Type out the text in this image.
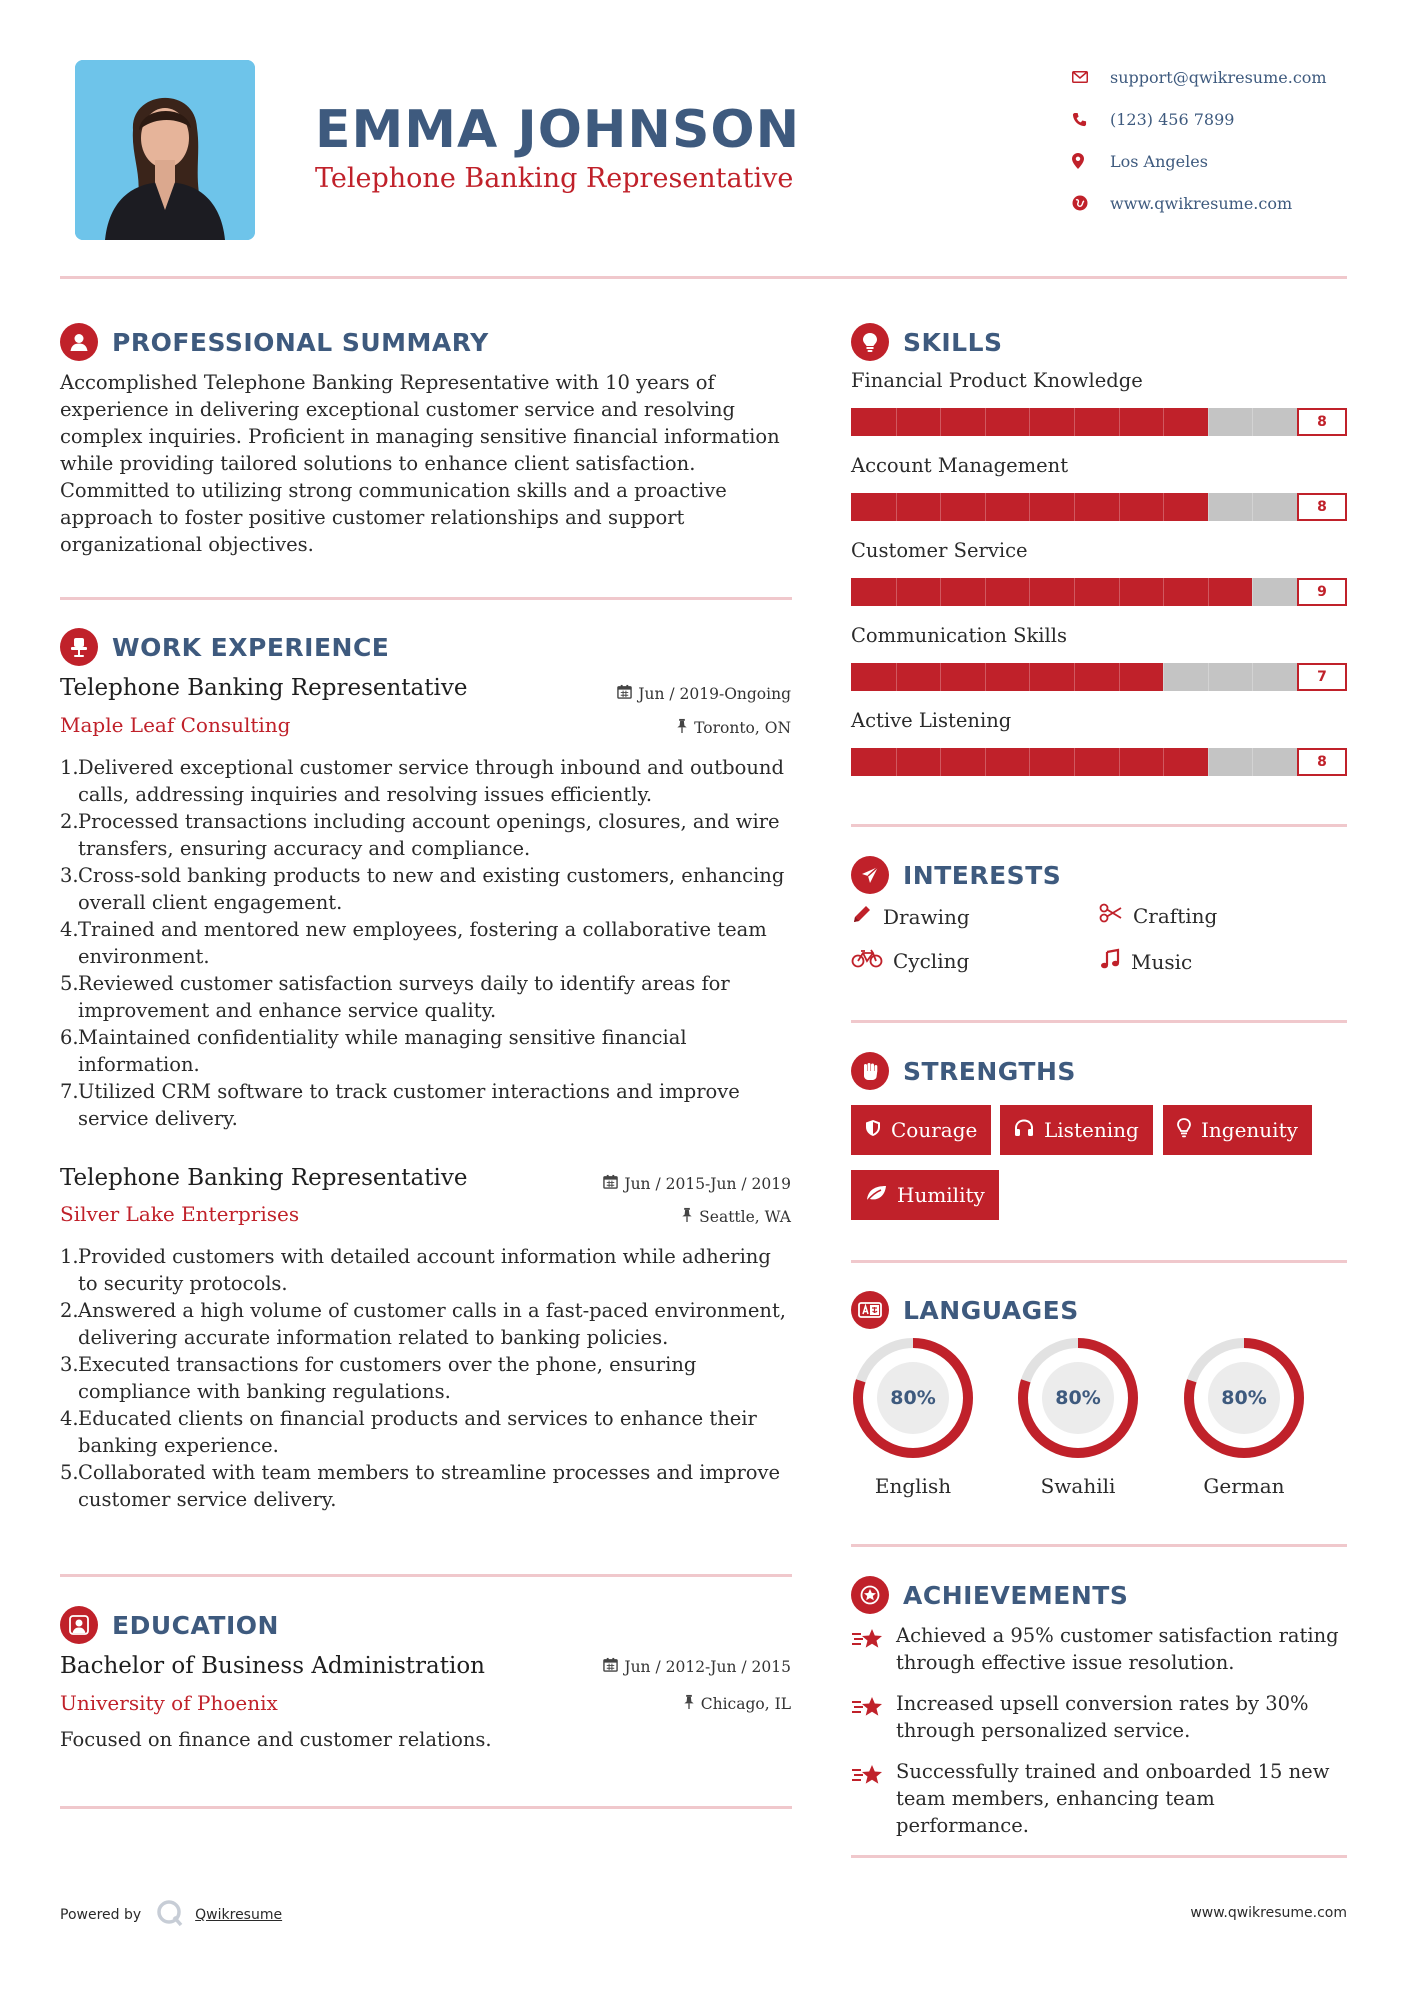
EMMA JOHNSON
Telephone Banking Representative
support@qwikresume.com
(123) 456 7899
Los Angeles
www.qwikresume.com
PROFESSIONAL SUMMARY
Accomplished Telephone Banking Representative with 10 years of experience in delivering exceptional customer service and resolving complex inquiries. Proficient in managing sensitive financial information while providing tailored solutions to enhance client satisfaction. Committed to utilizing strong communication skills and a proactive approach to foster positive customer relationships and support organizational objectives.
WORK EXPERIENCE
Telephone Banking Representative	Jun / 2019-Ongoing
Maple Leaf Consulting	Toronto, ON
1. Delivered exceptional customer service through inbound and outbound calls, addressing inquiries and resolving issues efficiently.
2. Processed transactions including account openings, closures, and wire transfers, ensuring accuracy and compliance.
3. Cross-sold banking products to new and existing customers, enhancing overall client engagement.
4. Trained and mentored new employees, fostering a collaborative team environment.
5. Reviewed customer satisfaction surveys daily to identify areas for improvement and enhance service quality.
6. Maintained confidentiality while managing sensitive financial information.
7. Utilized CRM software to track customer interactions and improve service delivery.
Telephone Banking Representative	Jun / 2015-Jun / 2019
Silver Lake Enterprises	Seattle, WA
1. Provided customers with detailed account information while adhering to security protocols.
2. Answered a high volume of customer calls in a fast-paced environment, delivering accurate information related to banking policies.
3. Executed transactions for customers over the phone, ensuring compliance with banking regulations.
4. Educated clients on financial products and services to enhance their banking experience.
5. Collaborated with team members to streamline processes and improve customer service delivery.
EDUCATION
Bachelor of Business Administration	Jun / 2012-Jun / 2015
University of Phoenix	Chicago, IL
Focused on finance and customer relations.
SKILLS
Financial Product Knowledge
8
Account Management
8
Customer Service
9
Communication Skills
7
Active Listening
8
INTERESTS
Drawing	Crafting
Cycling	Music
STRENGTHS
Courage	Listening	Ingenuity
Humility
LANGUAGES
80%
English
80%
Swahili
80%
German
ACHIEVEMENTS
Achieved a 95% customer satisfaction rating through effective issue resolution.
Increased upsell conversion rates by 30% through personalized service.
Successfully trained and onboarded 15 new team members, enhancing team performance.
Powered by	Qwikresume	www.qwikresume.com
